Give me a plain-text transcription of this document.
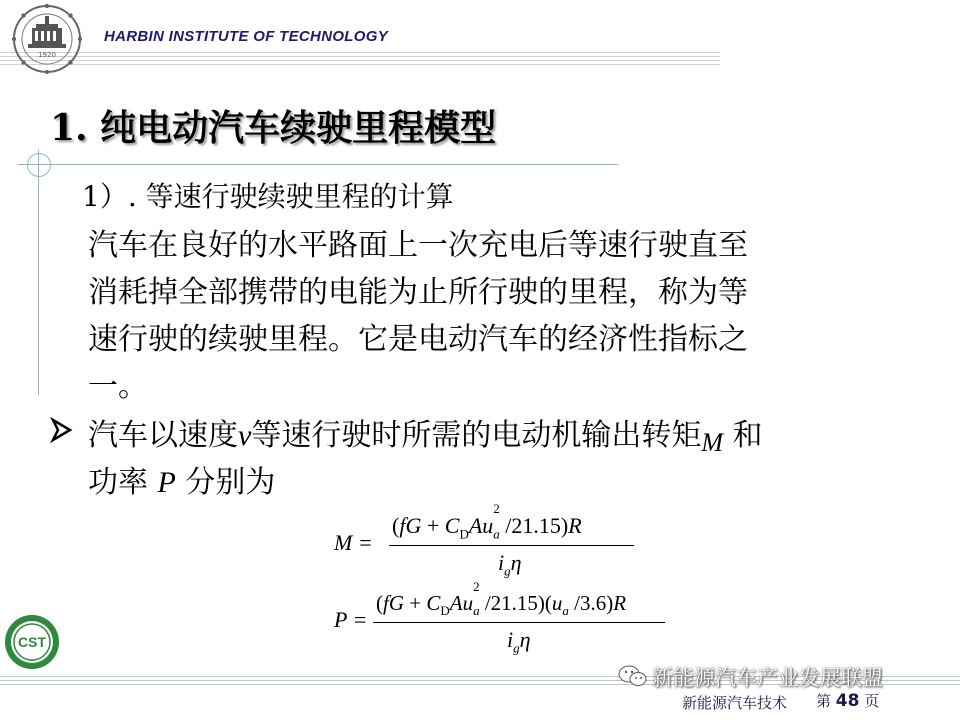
1920
HARBIN INSTITUTE OF TECHNOLOGY
1. 纯电动汽车续驶里程模型
1）. 等速行驶续驶里程的计算
汽车在良好的水平路面上一次充电后等速行驶直至
消耗掉全部携带的电能为止所行驶的里程，称为等
速行驶的续驶里程。它是电动汽车的经济性指标之
一。
汽车以速度v等速行驶时所需的电动机输出转矩M 和
功率 P 分别为
M =
($fG + C_DAu$
2
$_a$ /21.15)R
$i_g\eta$
P =
($fG + C_DAu$
2
$_a$ $/21.15)(u_a$ /3.6)R
$i_g\eta$
CST
新能源汽车产业发展联盟
新能源汽车技术 第 48 页
